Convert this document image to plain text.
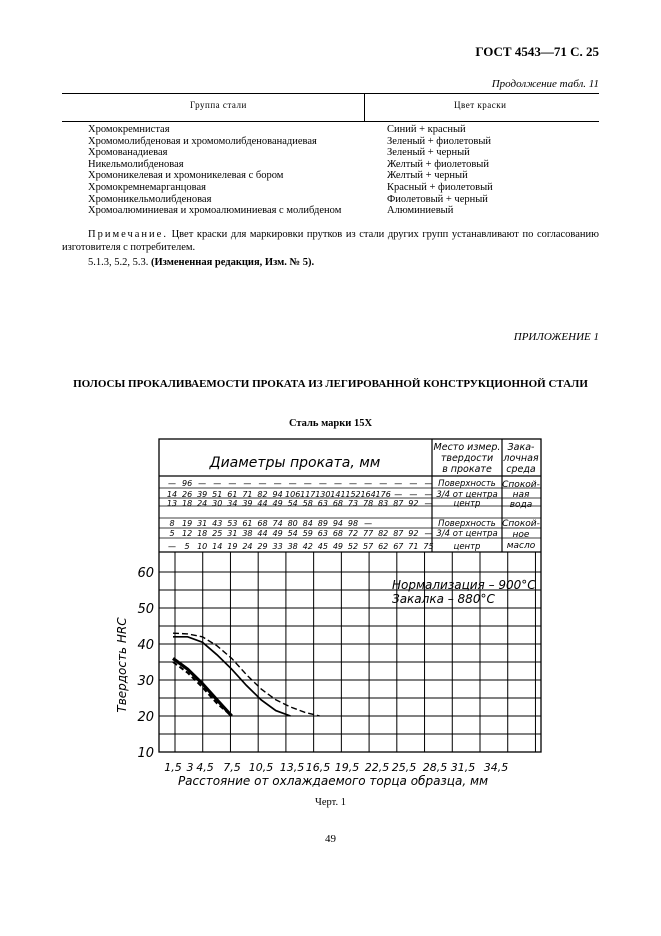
ГОСТ 4543—71 С. 25
Продолжение табл. 11
Группа стали	Цвет краски
Хромокремнистая
Хромомолибденовая и хромомолибденованадиевая
Хромованадиевая
Никельмолибденовая
Хромоникелевая и хромоникелевая с бором
Хромокремнемарганцовая
Хромоникельмолибденовая
Хромоалюминиевая и хромоалюминиевая с молибденом
Синий + красный
Зеленый + фиолетовый
Зеленый + черный
Желтый + фиолетовый
Желтый + черный
Красный + фиолетовый
Фиолетовый + черный
Алюминиевый
Примечание. Цвет краски для маркировки прутков из стали других групп устанавливают по согласованию изготовителя с потребителем.
5.1.3, 5.2, 5.3. (Измененная редакция, Изм. № 5).
ПРИЛОЖЕНИЕ 1
ПОЛОСЫ ПРОКАЛИВАЕМОСТИ ПРОКАТА ИЗ ЛЕГИРОВАННОЙ КОНСТРУКЦИОННОЙ СТАЛИ
Сталь марки 15Х
Диаметры проката, мм
Место измер.
твердости
в прокате
Зака-
лочная
среда
— 96 — — — — — — — — — — — — — — — — Поверхность
14 26 39 51 61 71 82 94 106 117 130 141 152 164 176 — — — 3/4 от центра
13 18 24 30 34 39 44 49 54 58 63 68 73 78 83 87 92 — центр
8 19 31 43 53 61 68 74 80 84 89 94 98 —	Поверхность
5 12 18 25 31 38 44 49 54 59 63 68 72 77 82 87 92 — 3/4 от центра
— 5 10 14 19 24 29 33 38 42 45 49 52 57 62 67 71 75 центр
Спокой-
ная
вода
Спокой-
ное
масло
10
20
30
40
50
60
Твердость HRC
1,5 3 4,5 7,5 10,5 13,5 16,5 19,5 22,5 25,5 28,5 31,5 34,5
Расстояние от охлаждаемого торца образца, мм
Нормализация – 900°С
Закалка – 880°С
Черт. 1
49
